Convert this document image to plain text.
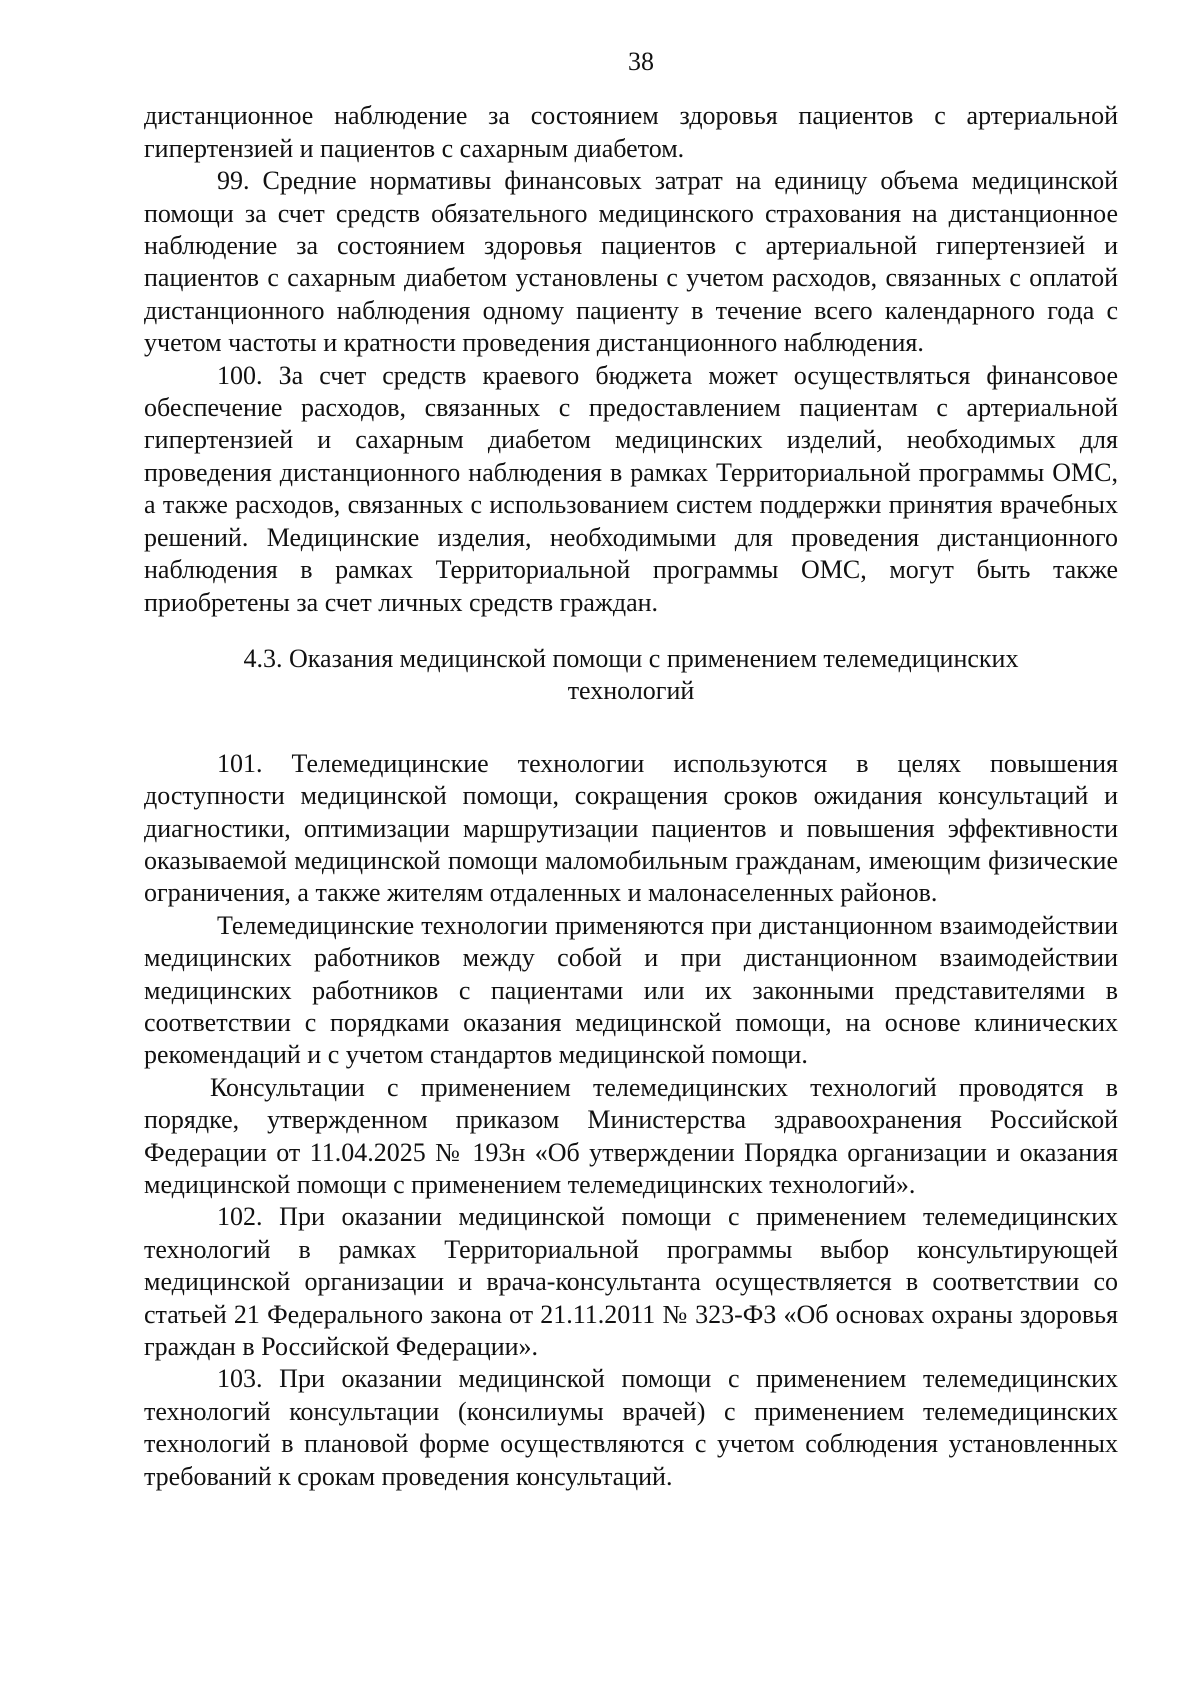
38

дистанционное наблюдение за состоянием здоровья пациентов с артериальной гипертензией и пациентов с сахарным диабетом.

99. Средние нормативы финансовых затрат на единицу объема медицинской помощи за счет средств обязательного медицинского страхования на дистанционное наблюдение за состоянием здоровья пациентов с артериальной гипертензией и пациентов с сахарным диабетом установлены с учетом расходов, связанных с оплатой дистанционного наблюдения одному пациенту в течение всего календарного года с учетом частоты и кратности проведения дистанционного наблюдения.

100. За счет средств краевого бюджета может осуществляться финансовое обеспечение расходов, связанных с предоставлением пациентам с артериальной гипертензией и сахарным диабетом медицинских изделий, необходимых для проведения дистанционного наблюдения в рамках Территориальной программы ОМС, а также расходов, связанных с использованием систем поддержки принятия врачебных решений. Медицинские изделия, необходимыми для проведения дистанционного наблюдения в рамках Территориальной программы ОМС, могут быть также приобретены за счет личных средств граждан.

4.3. Оказания медицинской помощи с применением телемедицинских
технологий

101. Телемедицинские технологии используются в целях повышения доступности медицинской помощи, сокращения сроков ожидания консультаций и диагностики, оптимизации маршрутизации пациентов и повышения эффективности оказываемой медицинской помощи маломобильным гражданам, имеющим физические ограничения, а также жителям отдаленных и малонаселенных районов.

Телемедицинские технологии применяются при дистанционном взаимодействии медицинских работников между собой и при дистанционном взаимодействии медицинских работников с пациентами или их законными представителями в соответствии с порядками оказания медицинской помощи, на основе клинических рекомендаций и с учетом стандартов медицинской помощи.

Консультации с применением телемедицинских технологий проводятся в порядке, утвержденном приказом Министерства здравоохранения Российской Федерации от 11.04.2025 № 193н «Об утверждении Порядка организации и оказания медицинской помощи с применением телемедицинских технологий».

102. При оказании медицинской помощи с применением телемедицинских технологий в рамках Территориальной программы выбор консультирующей медицинской организации и врача-консультанта осуществляется в соответствии со статьей 21 Федерального закона от 21.11.2011 № 323-ФЗ «Об основах охраны здоровья граждан в Российской Федерации».

103. При оказании медицинской помощи с применением телемедицинских технологий консультации (консилиумы врачей) с применением телемедицинских технологий в плановой форме осуществляются с учетом соблюдения установленных требований к срокам проведения консультаций.
